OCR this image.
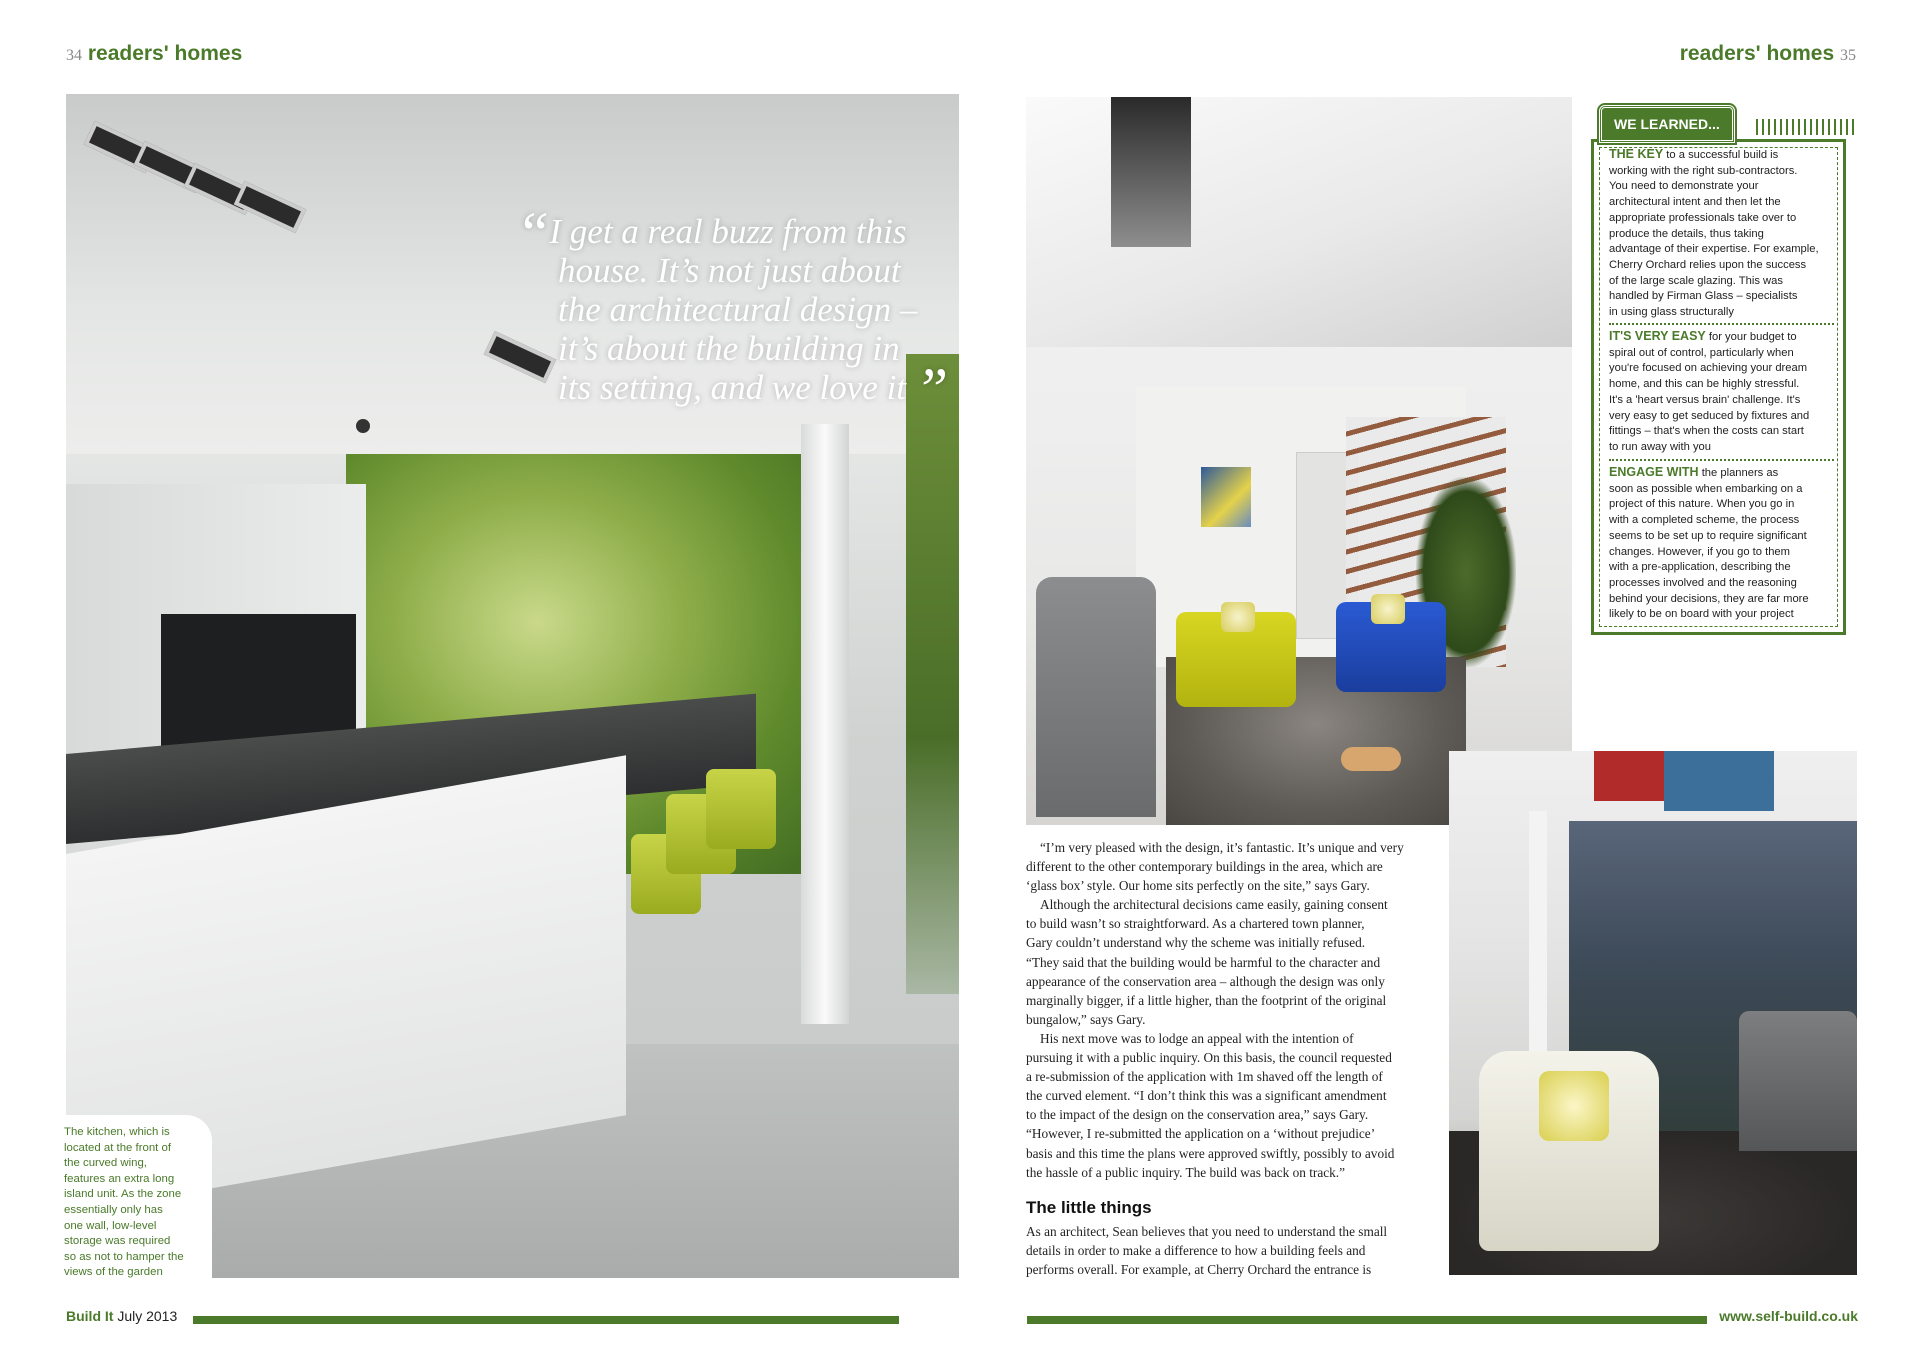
34 readers' homes
“I get a real buzz from this
house. It’s not just about
the architectural design –
it’s about the building in
its setting, and we love it ”
The kitchen, which is
located at the front of
the curved wing,
features an extra long
island unit. As the zone
essentially only has
one wall, low-level
storage was required
so as not to hamper the
views of the garden
Build It July 2013
readers' homes 35
WE LEARNED...
THE KEY to a successful build is
working with the right sub-contractors.
You need to demonstrate your
architectural intent and then let the
appropriate professionals take over to
produce the details, thus taking
advantage of their expertise. For example,
Cherry Orchard relies upon the success
of the large scale glazing. This was
handled by Firman Glass – specialists
in using glass structurally
IT'S VERY EASY for your budget to
spiral out of control, particularly when
you're focused on achieving your dream
home, and this can be highly stressful.
It's a 'heart versus brain' challenge. It's
very easy to get seduced by fixtures and
fittings – that's when the costs can start
to run away with you
ENGAGE WITH the planners as
soon as possible when embarking on a
project of this nature. When you go in
with a completed scheme, the process
seems to be set up to require significant
changes. However, if you go to them
with a pre-application, describing the
processes involved and the reasoning
behind your decisions, they are far more
likely to be on board with your project
“I’m very pleased with the design, it’s fantastic. It’s unique and very
different to the other contemporary buildings in the area, which are
‘glass box’ style. Our home sits perfectly on the site,” says Gary.
Although the architectural decisions came easily, gaining consent
to build wasn’t so straightforward. As a chartered town planner,
Gary couldn’t understand why the scheme was initially refused.
“They said that the building would be harmful to the character and
appearance of the conservation area – although the design was only
marginally bigger, if a little higher, than the footprint of the original
bungalow,” says Gary.
His next move was to lodge an appeal with the intention of
pursuing it with a public inquiry. On this basis, the council requested
a re-submission of the application with 1m shaved off the length of
the curved element. “I don’t think this was a significant amendment
to the impact of the design on the conservation area,” says Gary.
“However, I re-submitted the application on a ‘without prejudice’
basis and this time the plans were approved swiftly, possibly to avoid
the hassle of a public inquiry. The build was back on track.”
The little things
As an architect, Sean believes that you need to understand the small
details in order to make a difference to how a building feels and
performs overall. For example, at Cherry Orchard the entrance is
www.self-build.co.uk
